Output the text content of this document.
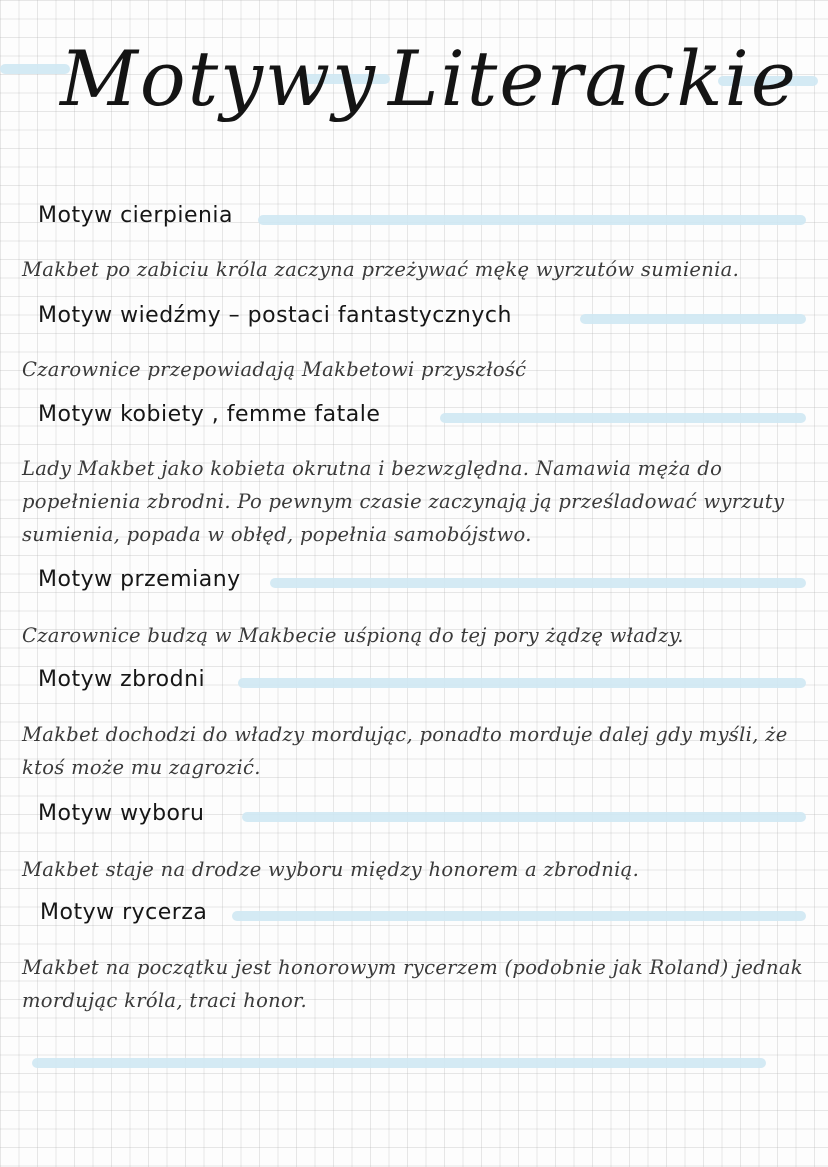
Motywy Literackie
Motyw cierpienia
Makbet po zabiciu króla zaczyna przeżywać mękę wyrzutów sumienia.
Motyw wiedźmy – postaci fantastycznych
Czarownice przepowiadają Makbetowi przyszłość
Motyw kobiety , femme fatale
Lady Makbet jako kobieta okrutna i bezwzględna. Namawia męża do popełnienia zbrodni. Po pewnym czasie zaczynają ją prześladować wyrzuty sumienia, popada w obłęd, popełnia samobójstwo.
Motyw przemiany
Czarownice budzą w Makbecie uśpioną do tej pory żądzę władzy.
Motyw zbrodni
Makbet dochodzi do władzy mordując, ponadto morduje dalej gdy myśli, że ktoś może mu zagrozić.
Motyw wyboru
Makbet staje na drodze wyboru między honorem a zbrodnią.
Motyw rycerza
Makbet na początku jest honorowym rycerzem (podobnie jak Roland) jednak mordując króla, traci honor.
